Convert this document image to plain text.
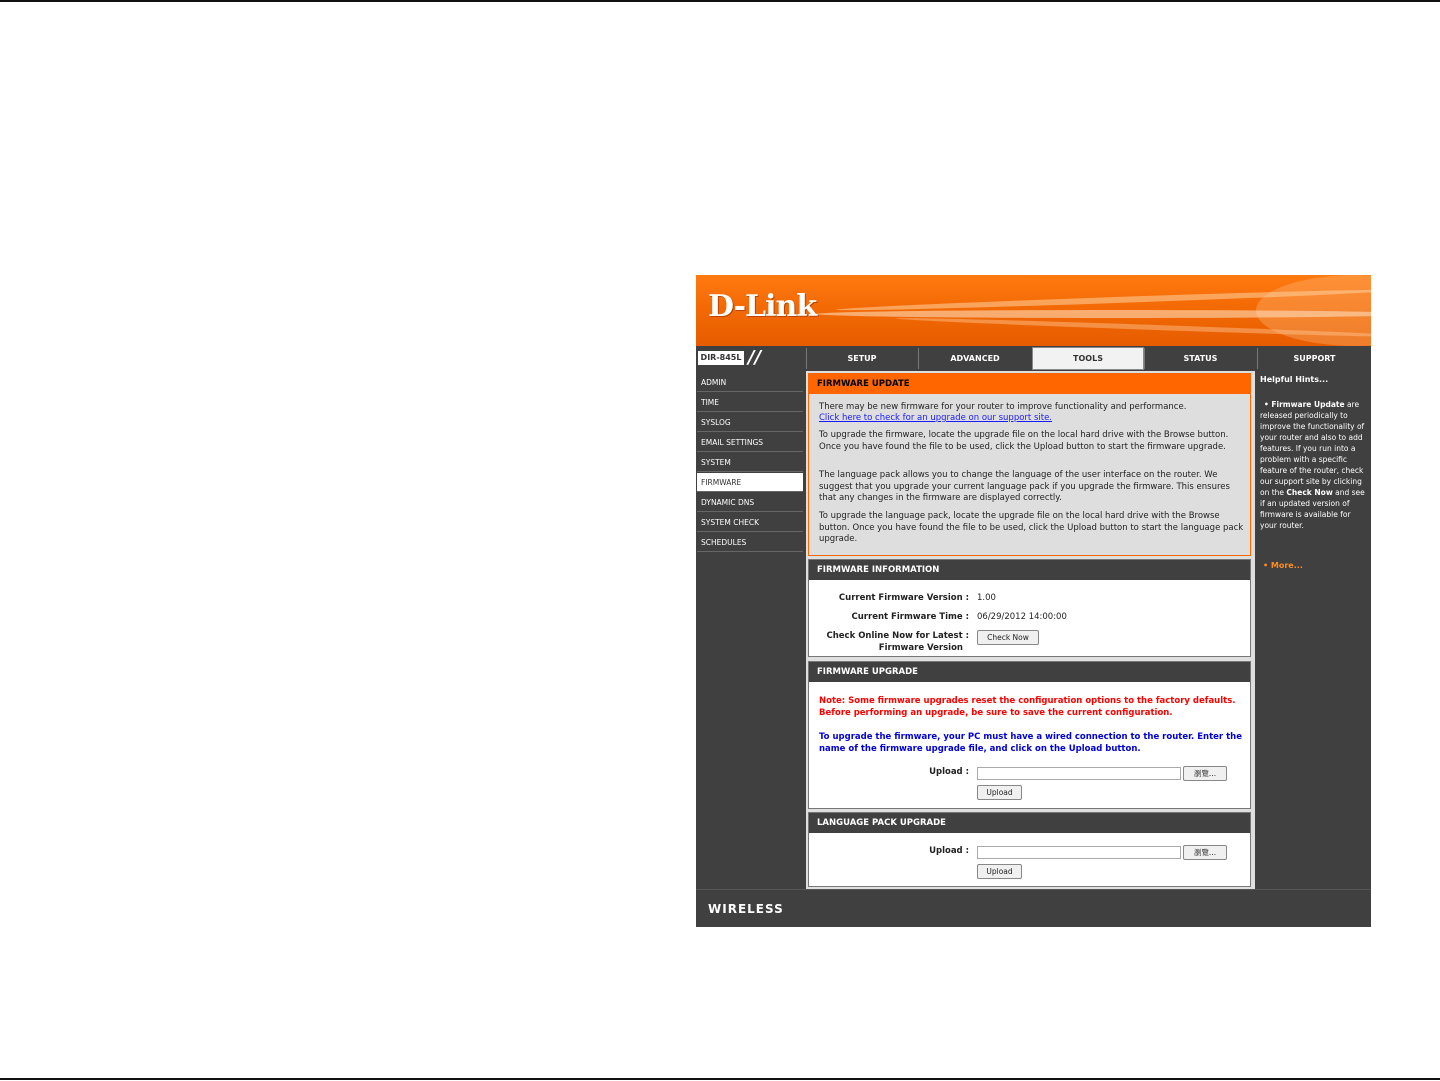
D-Link
DIR-845L //	SETUP	ADVANCED	TOOLS	STATUS	SUPPORT
ADMIN
TIME
SYSLOG
EMAIL SETTINGS
SYSTEM
FIRMWARE
DYNAMIC DNS
SYSTEM CHECK
SCHEDULES
FIRMWARE UPDATE
There may be new firmware for your router to improve functionality and performance.
Click here to check for an upgrade on our support site.
To upgrade the firmware, locate the upgrade file on the local hard drive with the Browse button. Once you have found the file to be used, click the Upload button to start the firmware upgrade.
The language pack allows you to change the language of the user interface on the router. We suggest that you upgrade your current language pack if you upgrade the firmware. This ensures that any changes in the firmware are displayed correctly.
To upgrade the language pack, locate the upgrade file on the local hard drive with the Browse button. Once you have found the file to be used, click the Upload button to start the language pack upgrade.
FIRMWARE INFORMATION
Current Firmware Version : 1.00
Current Firmware Time : 06/29/2012 14:00:00
Check Online Now for Latest :
Firmware Version
Check Now
FIRMWARE UPGRADE
Note: Some firmware upgrades reset the configuration options to the factory defaults. Before performing an upgrade, be sure to save the current configuration.
To upgrade the firmware, your PC must have a wired connection to the router. Enter the name of the firmware upgrade file, and click on the Upload button.
Upload :	瀏覽...
Upload
LANGUAGE PACK UPGRADE
Upload :	瀏覽...
Upload
Helpful Hints...
• Firmware Update are released periodically to improve the functionality of your router and also to add features. If you run into a problem with a specific feature of the router, check our support site by clicking on the Check Now and see if an updated version of firmware is available for your router.
• More...
WIRELESS
